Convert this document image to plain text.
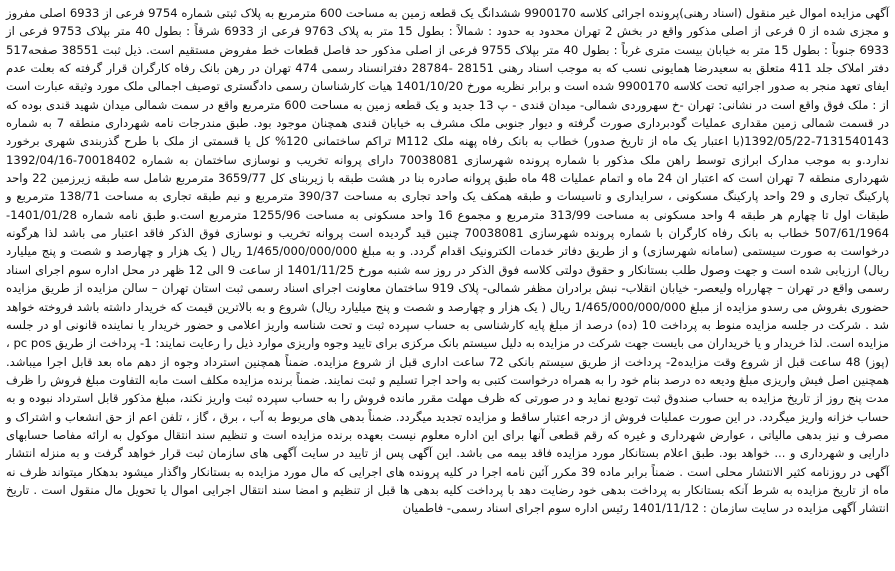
آگهی مزایده اموال غیر منقول (اسناد رهنی)پرونده اجرائی کلاسه 9900170 ششدانگ یک قطعه زمین به مساحت 600 مترمربع به پلاک ثبتی شماره 9754 فرعی از 6933 اصلی مفروز و مجزی شده از 0 فرعی از اصلی مذکور واقع در بخش 2 تهران محدود به حدود : شمالاً : بطول 15 متر به پلاک 9763 فرعی از 6933 شرقاً : بطول 40 متر بپلاک 9753 فرعی از 6933 جنوباً : بطول 15 متر به خیابان بیست متری غرباً : بطول 40 متر بپلاک 9755 فرعی از اصلی مذکور حد فاصل قطعات خط مفروض مستقیم است. ذیل ثبت 38551 صفحه517 دفتر املاک جلد 411 متعلق به سعیدرضا همایونی نسب که به موجب اسناد رهنی 28151 -28784 دفترانسناد رسمی 474 تهران در رهن بانک رفاه کارگران قرار گرفته که بعلت عدم ایفای تعهد منجر به صدور اجرائیه تحت کلاسه 9900170 شده است و برابر نظریه مورخ 1401/10/20 هیات کارشناسان رسمی دادگستری توصیف اجمالی ملک مورد وثیقه عبارت است از : ملک فوق واقع است در نشانی: تهران -خ سهروردی شمالی- میدان قندی - پ 13 جدید و یک قطعه زمین به مساحت 600 مترمربع واقع در سمت شمالی میدان شهید قندی بوده که در قسمت شمالی زمین مقداری عملیات گودبرداری صورت گرفته و دیوار جنوبی ملک مشرف به خیابان قندی همچنان موجود بود. طبق مندرجات نامه شهرداری منطقه 7 به شماره 7131540143-1392/05/22(با اعتبار یک ماه از تاریخ صدور) خطاب به بانک رفاه پهنه ملک M112 تراکم ساختمانی 120% کل یا قسمتی از ملک با طرح گذربندی شهری برخورد ندارد.و به موجب مدارک ابرازی توسط راهن ملک مذکور با شماره پرونده شهرسازی 70038081 دارای پروانه تخریب و نوسازی ساختمان به شماره 70018402-1392/04/16 شهرداری منطقه 7 تهران است که اعتبار ان 24 ماه و اتمام عملیات 48 ماه طبق پروانه صادره بنا در هشت طبقه با زیربنای کل 3659/77 مترمربع شامل سه طبقه زیرزمین 22 واحد پارکینگ تجاری و 29 واحد پارکینگ مسکونی ، سرایداری و تاسیسات و طبقه همکف یک واحد تجاری به مساحت 390/37 مترمربع و نیم طبقه تجاری به مساحت 138/71 مترمربع و طبقات اول تا چهارم هر طبقه 4 واحد مسکونی به مساحت 313/99 مترمربع و مجموع 16 واحد مسکونی به مساحت 1255/96 مترمربع است.و طبق نامه شماره 1401/01/28-507/61/1964 خطاب به بانک رفاه کارگران با شماره پرونده شهرسازی 70038081 چنین قید گردیده است پروانه تخریب و نوسازی فوق الذکر فاقد اعتبار می باشد لذا هرگونه درخواست به صورت سیستمی (سامانه شهرسازی) و از طریق دفاتر خدمات الکترونیک اقدام گردد. و به مبلغ 1/465/000/000/000 ریال ( یک هزار و چهارصد و شصت و پنج میلیارد ریال) ارزیابی شده است و جهت وصول طلب بستانکار و حقوق دولتی کلاسه فوق الذکر در روز سه شنبه مورخ 1401/11/25 از ساعت 9 الی 12 ظهر در محل اداره سوم اجرای اسناد رسمی واقع در تهران – چهارراه ولیعصر- خیابان انقلاب- نبش برادران مظفر شمالی- پلاک 919 ساختمان معاونت اجرای اسناد رسمی ثبت استان تهران – سالن مزایده از طریق مزایده حضوری بفروش می رسدو مزایده از مبلغ 1/465/000/000/000 ریال ( یک هزار و چهارصد و شصت و پنج میلیارد ریال) شروع و به بالاترین قیمت که خریدار داشته باشد فروخته خواهد شد . شرکت در جلسه مزایده منوط به پرداخت 10 (ده) درصد از مبلغ پایه کارشناسی به حساب سپرده ثبت و تحت شناسه واریز اعلامی و حضور خریدار یا نماینده قانونی او در جلسه مزایده است. لذا خریدار و یا خریداران می بایست جهت شرکت در مزایده به دلیل سیستم بانک مرکزی برای تایید وجوه واریزی موارد ذیل را رعایت نمایند: 1- پرداخت از طریق pc pos ، (پوز) 48 ساعت قبل از شروع وقت مزایده2- پرداخت از طریق سیستم بانکی 72 ساعت اداری قبل از شروع مزایده. ضمناً همچنین استرداد وجوه از دهم ماه بعد قابل اجرا میباشد. همچنین اصل فیش واریزی مبلغ ودیعه ده درصد بنام خود را به همراه درخواست کتبی به واحد اجرا تسلیم و ثبت نمایند. ضمناً برنده مزایده مکلف است مابه التفاوت مبلغ فروش را ظرف مدت پنج روز از تاریخ مزایده به حساب صندوق ثبت تودیع نماید و در صورتی که ظرف مهلت مقرر مانده فروش را به حساب سپرده ثبت واریز نکند، مبلغ مذکور قابل استرداد نبوده و به حساب خزانه واریز میگردد. در این صورت عملیات فروش از درجه اعتبار ساقط و مزایده تجدید میگردد. ضمناً بدهی های مربوط به آب ، برق ، گاز ، تلفن اعم از حق انشعاب و اشتراک و مصرف و نیز بدهی مالیاتی ، عوارض شهرداری و غیره که رقم قطعی آنها برای این اداره معلوم نیست بعهده برنده مزایده است و تنظیم سند انتقال موکول به ارائه مفاصا حسابهای دارایی و شهرداری و ... خواهد بود. طبق اعلام بستانکار مورد مزایده فاقد بیمه می باشد. این آگهی پس از تایید در سایت آگهی های سازمان ثبت قرار خواهد گرفت و به منزله انتشار آگهی در روزنامه کثیر الانتشار محلی است . ضمناً برابر ماده 39 مکرر آئین نامه اجرا در کلیه پرونده های اجرایی که مال مورد مزایده به بستانکار واگذار میشود بدهکار میتواند ظرف نه ماه از تاریخ مزایده به شرط آنکه بستانکار به پرداخت بدهی خود رضایت دهد با پرداخت کلیه بدهی ها قبل از تنظیم و امضا سند انتقال اجرایی اموال یا تحویل مال منقول است . تاریخ انتشار آگهی مزایده در سایت سازمان : 1401/11/12 رئیس اداره سوم اجرای اسناد رسمی- فاطمیان
